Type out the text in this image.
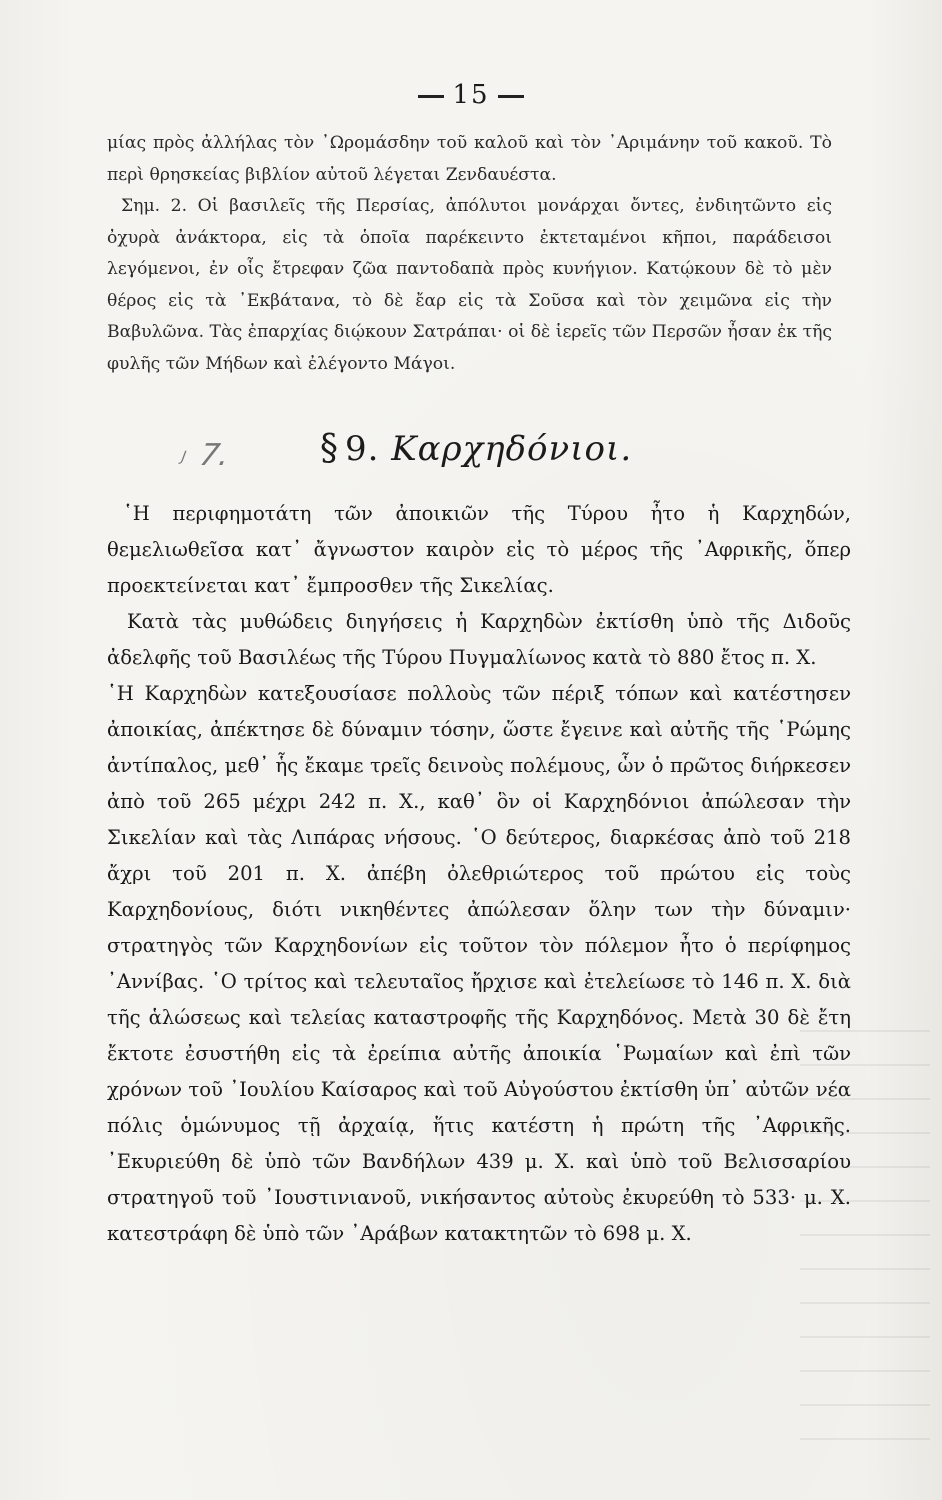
15

μίας πρὸς ἀλλήλας τὸν ᾿Ωρομάσδην τοῦ καλοῦ καὶ τὸν ᾿Αριμάνην τοῦ κακοῦ. Τὸ περὶ θρησκείας βιβλίον αὐτοῦ λέγεται Ζενδαυέστα.

Σημ. 2. Οἱ βασιλεῖς τῆς Περσίας, ἀπόλυτοι μονάρχαι ὄντες, ἐνδιητῶντο εἰς ὀχυρὰ ἀνάκτορα, εἰς τὰ ὁποῖα παρέκειντο ἐκτεταμένοι κῆποι, παράδεισοι λεγόμενοι, ἐν οἷς ἔτρεφαν ζῶα παντοδαπὰ πρὸς κυνήγιον. Κατῴκουν δὲ τὸ μὲν θέρος εἰς τὰ ᾿Εκβάτανα, τὸ δὲ ἔαρ εἰς τὰ Σοῦσα καὶ τὸν χειμῶνα εἰς τὴν Βαβυλῶνα. Τὰς ἐπαρχίας διῴκουν Σατράπαι· οἱ δὲ ἱερεῖς τῶν Περσῶν ἦσαν ἐκ τῆς φυλῆς τῶν Μήδων καὶ ἐλέγοντο Μάγοι.

J 7. § 9. Καρχηδόνιοι.

῾Η περιφημοτάτη τῶν ἀποικιῶν τῆς Τύρου ἦτο ἡ Καρχηδών, θεμελιωθεῖσα κατ᾿ ἄγνωστον καιρὸν εἰς τὸ μέρος τῆς ᾿Αφρικῆς, ὅπερ προεκτείνεται κατ᾿ ἔμπροσθεν τῆς Σικελίας.

Κατὰ τὰς μυθώδεις διηγήσεις ἡ Καρχηδὼν ἐκτίσθη ὑπὸ τῆς Διδοῦς ἀδελφῆς τοῦ Βασιλέως τῆς Τύρου Πυγμαλίωνος κατὰ τὸ 880 ἔτος π. Χ.

῾Η Καρχηδὼν κατεξουσίασε πολλοὺς τῶν πέριξ τόπων καὶ κατέστησεν ἀποικίας, ἀπέκτησε δὲ δύναμιν τόσην, ὥστε ἔγεινε καὶ αὐτῆς τῆς ῾Ρώμης ἀντίπαλος, μεθ᾿ ἧς ἔκαμε τρεῖς δεινοὺς πολέμους, ὧν ὁ πρῶτος διήρκεσεν ἀπὸ τοῦ 265 μέχρι 242 π. Χ., καθ᾿ ὃν οἱ Καρχηδόνιοι ἀπώλεσαν τὴν Σικελίαν καὶ τὰς Λιπάρας νήσους. ῾Ο δεύτερος, διαρκέσας ἀπὸ τοῦ 218 ἄχρι τοῦ 201 π. Χ. ἀπέβη ὀλεθριώτερος τοῦ πρώτου εἰς τοὺς Καρχηδονίους, διότι νικηθέντες ἀπώλεσαν ὅλην των τὴν δύναμιν· στρατηγὸς τῶν Καρχηδονίων εἰς τοῦτον τὸν πόλεμον ἦτο ὁ περίφημος ᾿Αννίβας. ῾Ο τρίτος καὶ τελευταῖος ἤρχισε καὶ ἐτελείωσε τὸ 146 π. Χ. διὰ τῆς ἁλώσεως καὶ τελείας καταστροφῆς τῆς Καρχηδόνος. Μετὰ 30 δὲ ἔτη ἔκτοτε ἐσυστήθη εἰς τὰ ἐρείπια αὐτῆς ἀποικία ῾Ρωμαίων καὶ ἐπὶ τῶν χρόνων τοῦ ᾿Ιουλίου Καίσαρος καὶ τοῦ Αὐγούστου ἐκτίσθη ὑπ᾿ αὐτῶν νέα πόλις ὁμώνυμος τῇ ἀρχαίᾳ, ἥτις κατέστη ἡ πρώτη τῆς ᾿Αφρικῆς. ᾿Εκυριεύθη δὲ ὑπὸ τῶν Βανδήλων 439 μ. Χ. καὶ ὑπὸ τοῦ Βελισσαρίου στρατηγοῦ τοῦ ᾿Ιουστινιανοῦ, νικήσαντος αὐτοὺς ἐκυρεύθη τὸ 533· μ. Χ. κατεστράφη δὲ ὑπὸ τῶν ᾿Αράβων κατακτητῶν τὸ 698 μ. Χ.
